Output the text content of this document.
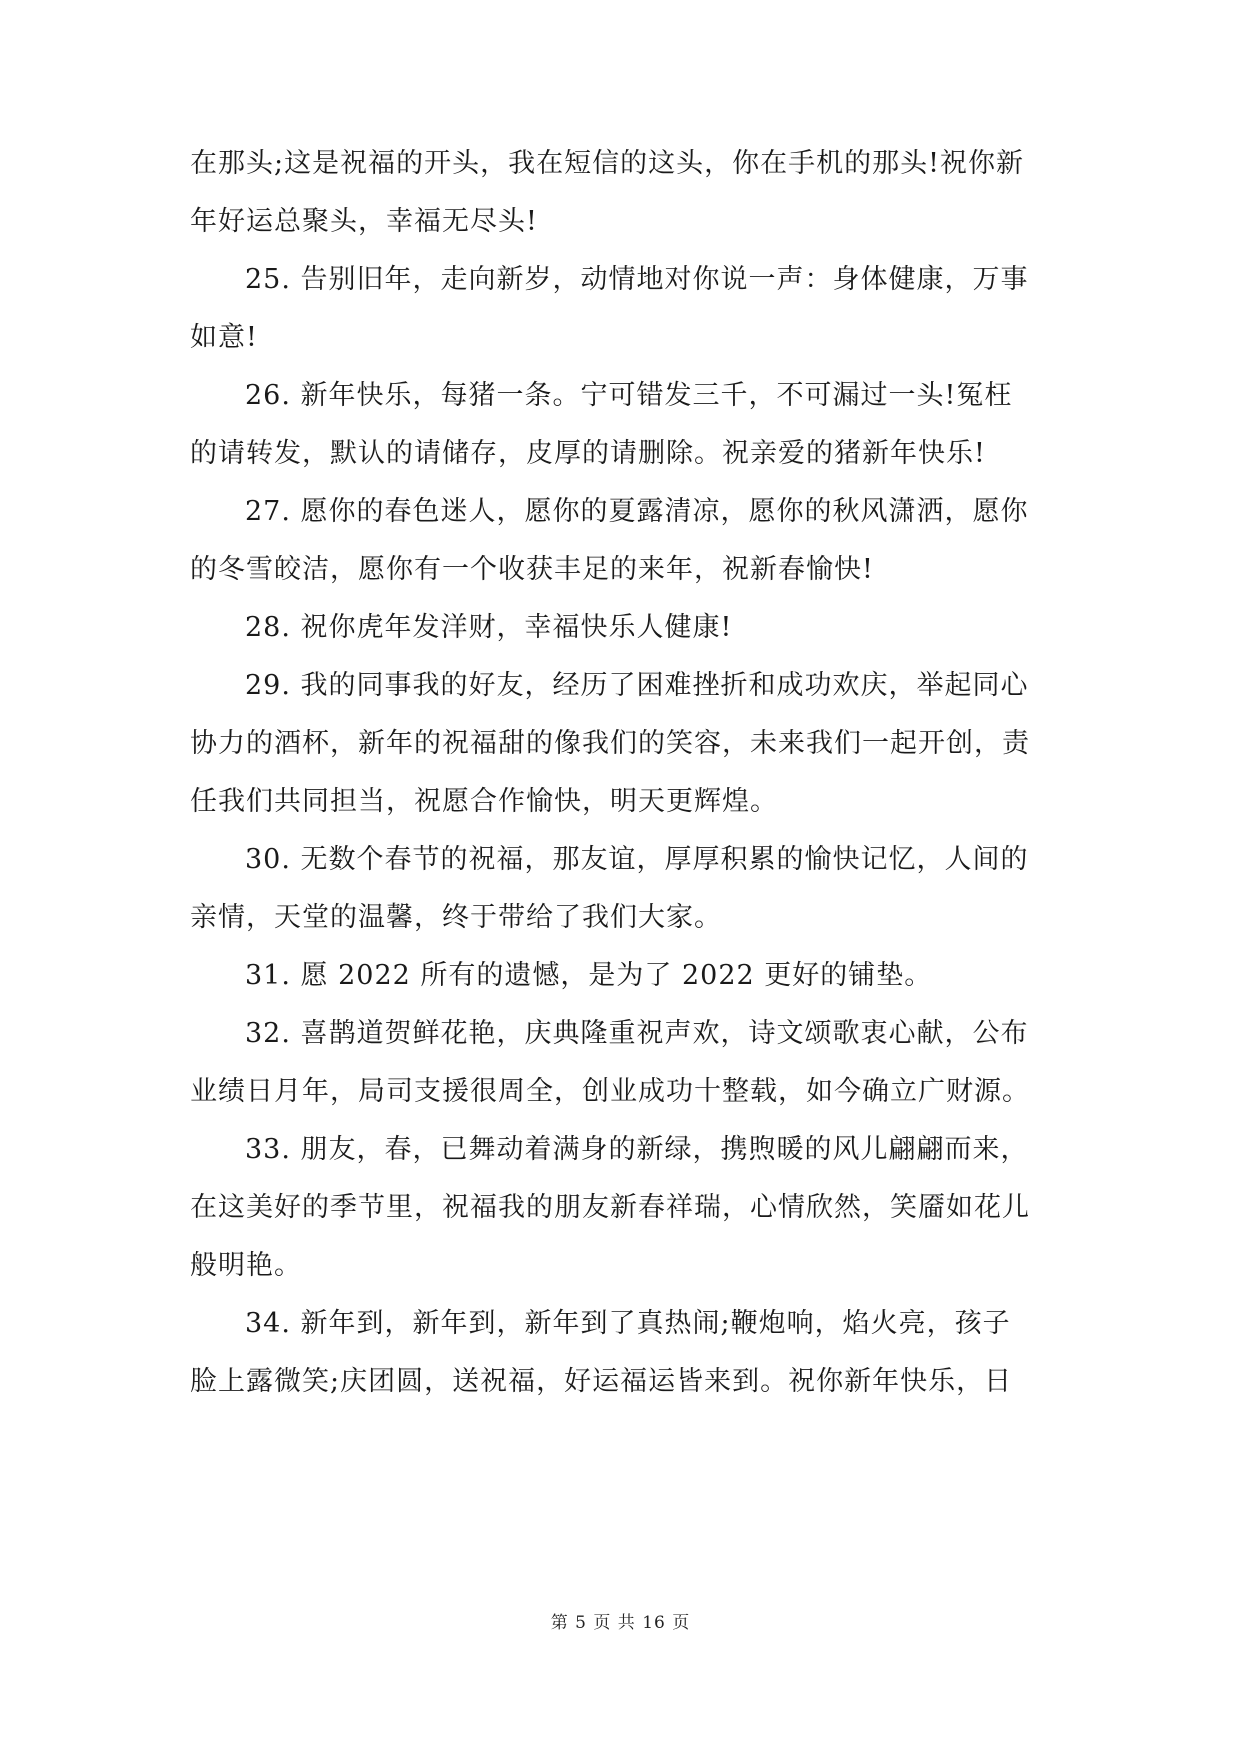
在那头;这是祝福的开头，我在短信的这头，你在手机的那头!祝你新
年好运总聚头，幸福无尽头!
25. 告别旧年，走向新岁，动情地对你说一声：身体健康，万事
如意!
26. 新年快乐，每猪一条。宁可错发三千，不可漏过一头!冤枉
的请转发，默认的请储存，皮厚的请删除。祝亲爱的猪新年快乐!
27. 愿你的春色迷人，愿你的夏露清凉，愿你的秋风潇洒，愿你
的冬雪皎洁，愿你有一个收获丰足的来年，祝新春愉快!
28. 祝你虎年发洋财，幸福快乐人健康!
29. 我的同事我的好友，经历了困难挫折和成功欢庆，举起同心
协力的酒杯，新年的祝福甜的像我们的笑容，未来我们一起开创，责
任我们共同担当，祝愿合作愉快，明天更辉煌。
30. 无数个春节的祝福，那友谊，厚厚积累的愉快记忆，人间的
亲情，天堂的温馨，终于带给了我们大家。
31. 愿 2022 所有的遗憾，是为了 2022 更好的铺垫。
32. 喜鹊道贺鲜花艳，庆典隆重祝声欢，诗文颂歌衷心献，公布
业绩日月年，局司支援很周全，创业成功十整载，如今确立广财源。
33. 朋友，春，已舞动着满身的新绿，携煦暖的风儿翩翩而来，
在这美好的季节里，祝福我的朋友新春祥瑞，心情欣然，笑靥如花儿
般明艳。
34. 新年到，新年到，新年到了真热闹;鞭炮响，焰火亮，孩子
脸上露微笑;庆团圆，送祝福，好运福运皆来到。祝你新年快乐，日
第 5 页 共 16 页
